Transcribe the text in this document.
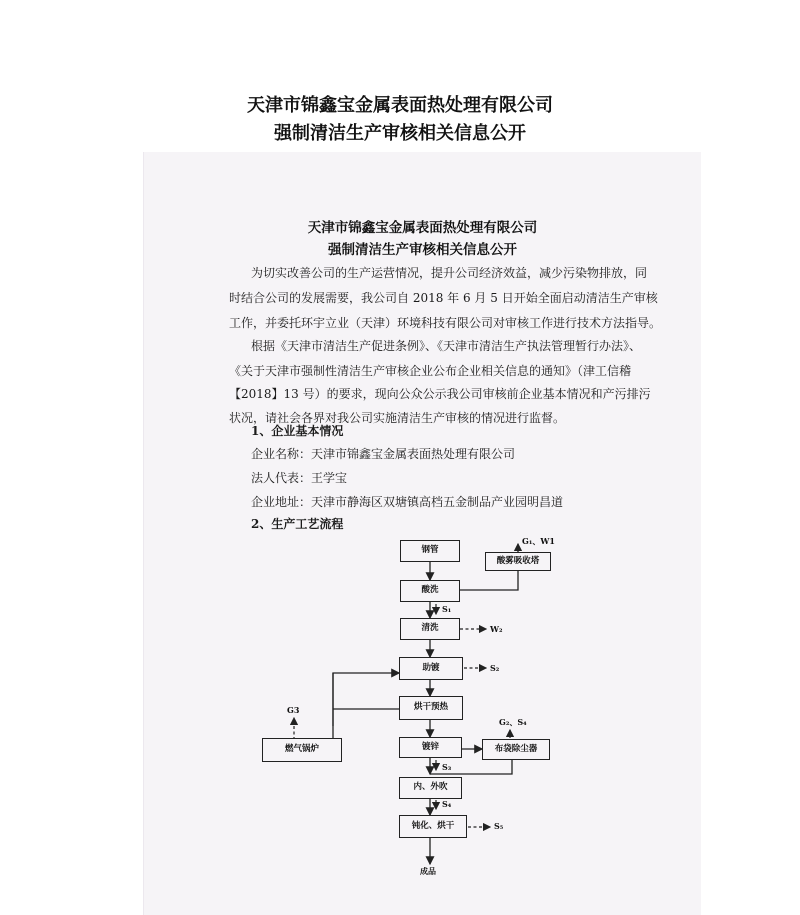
天津市锦鑫宝金属表面热处理有限公司
强制清洁生产审核相关信息公开
天津市锦鑫宝金属表面热处理有限公司
强制清洁生产审核相关信息公开
为切实改善公司的生产运营情况，提升公司经济效益，减少污染物排放，同
时结合公司的发展需要，我公司自 2018 年 6 月 5 日开始全面启动清洁生产审核
工作，并委托环宇立业（天津）环境科技有限公司对审核工作进行技术方法指导。
根据《天津市清洁生产促进条例》、《天津市清洁生产执法管理暂行办法》、
《关于天津市强制性清洁生产审核企业公布企业相关信息的通知》（津工信稽
【2018】13 号）的要求，现向公众公示我公司审核前企业基本情况和产污排污
状况，请社会各界对我公司实施清洁生产审核的情况进行监督。
1、企业基本情况
企业名称：天津市锦鑫宝金属表面热处理有限公司
法人代表：王学宝
企业地址：天津市静海区双塘镇高档五金制品产业园明昌道
2、生产工艺流程
钢管
酸雾吸收塔
酸洗
清洗
助镀
烘干预热
燃气锅炉	镀锌	布袋除尘器
内、外吹
钝化、烘干
G₁、W1
S₁
W₂
S₂
G3
G₂、S₄
S₃
S₄
S₅
成品
